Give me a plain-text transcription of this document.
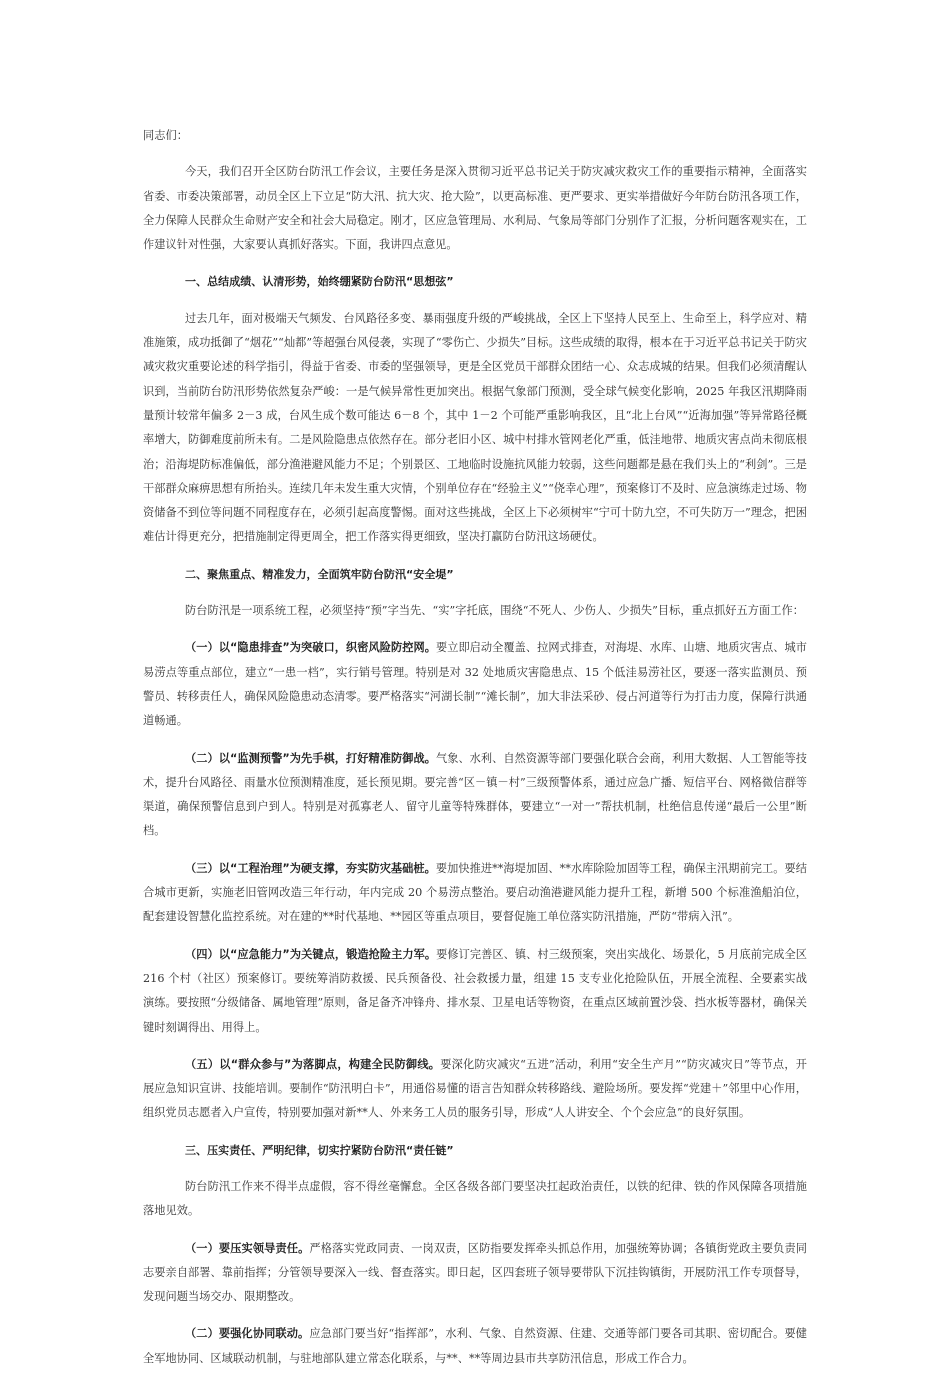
同志们：

今天，我们召开全区防台防汛工作会议，主要任务是深入贯彻习近平总书记关于防灾减灾救灾工作的重要指示精神，全面落实省委、市委决策部署，动员全区上下立足“防大汛、抗大灾、抢大险”，以更高标准、更严要求、更实举措做好今年防台防汛各项工作，全力保障人民群众生命财产安全和社会大局稳定。刚才，区应急管理局、水利局、气象局等部门分别作了汇报，分析问题客观实在，工作建议针对性强，大家要认真抓好落实。下面，我讲四点意见。

一、总结成绩、认清形势，始终绷紧防台防汛“思想弦”

过去几年，面对极端天气频发、台风路径多变、暴雨强度升级的严峻挑战，全区上下坚持人民至上、生命至上，科学应对、精准施策，成功抵御了“烟花”“灿都”等超强台风侵袭，实现了“零伤亡、少损失”目标。这些成绩的取得，根本在于习近平总书记关于防灾减灾救灾重要论述的科学指引，得益于省委、市委的坚强领导，更是全区党员干部群众团结一心、众志成城的结果。但我们必须清醒认识到，当前防台防汛形势依然复杂严峻：一是气候异常性更加突出。根据气象部门预测，受全球气候变化影响，2025 年我区汛期降雨量预计较常年偏多 2－3 成，台风生成个数可能达 6－8 个，其中 1－2 个可能严重影响我区，且“北上台风”“近海加强”等异常路径概率增大，防御难度前所未有。二是风险隐患点依然存在。部分老旧小区、城中村排水管网老化严重，低洼地带、地质灾害点尚未彻底根治；沿海堤防标准偏低，部分渔港避风能力不足；个别景区、工地临时设施抗风能力较弱，这些问题都是悬在我们头上的“利剑”。三是干部群众麻痹思想有所抬头。连续几年未发生重大灾情，个别单位存在“经验主义”“侥幸心理”，预案修订不及时、应急演练走过场、物资储备不到位等问题不同程度存在，必须引起高度警惕。面对这些挑战，全区上下必须树牢“宁可十防九空，不可失防万一”理念，把困难估计得更充分，把措施制定得更周全，把工作落实得更细致，坚决打赢防台防汛这场硬仗。

二、聚焦重点、精准发力，全面筑牢防台防汛“安全堤”

防台防汛是一项系统工程，必须坚持“预”字当先、“实”字托底，围绕“不死人、少伤人、少损失”目标，重点抓好五方面工作：

（一）以“隐患排查”为突破口，织密风险防控网。要立即启动全覆盖、拉网式排查，对海堤、水库、山塘、地质灾害点、城市易涝点等重点部位，建立“一患一档”，实行销号管理。特别是对 32 处地质灾害隐患点、15 个低洼易涝社区，要逐一落实监测员、预警员、转移责任人，确保风险隐患动态清零。要严格落实“河湖长制”“滩长制”，加大非法采砂、侵占河道等行为打击力度，保障行洪通道畅通。

（二）以“监测预警”为先手棋，打好精准防御战。气象、水利、自然资源等部门要强化联合会商，利用大数据、人工智能等技术，提升台风路径、雨量水位预测精准度，延长预见期。要完善“区－镇－村”三级预警体系，通过应急广播、短信平台、网格微信群等渠道，确保预警信息到户到人。特别是对孤寡老人、留守儿童等特殊群体，要建立“一对一”帮扶机制，杜绝信息传递“最后一公里”断档。

（三）以“工程治理”为硬支撑，夯实防灾基础桩。要加快推进**海堤加固、**水库除险加固等工程，确保主汛期前完工。要结合城市更新，实施老旧管网改造三年行动，年内完成 20 个易涝点整治。要启动渔港避风能力提升工程，新增 500 个标准渔船泊位，配套建设智慧化监控系统。对在建的**时代基地、**园区等重点项目，要督促施工单位落实防汛措施，严防“带病入汛”。

（四）以“应急能力”为关键点，锻造抢险主力军。要修订完善区、镇、村三级预案，突出实战化、场景化，5 月底前完成全区 216 个村（社区）预案修订。要统筹消防救援、民兵预备役、社会救援力量，组建 15 支专业化抢险队伍，开展全流程、全要素实战演练。要按照“分级储备、属地管理”原则，备足备齐冲锋舟、排水泵、卫星电话等物资，在重点区域前置沙袋、挡水板等器材，确保关键时刻调得出、用得上。

（五）以“群众参与”为落脚点，构建全民防御线。要深化防灾减灾“五进”活动，利用“安全生产月”“防灾减灾日”等节点，开展应急知识宣讲、技能培训。要制作“防汛明白卡”，用通俗易懂的语言告知群众转移路线、避险场所。要发挥“党建＋”邻里中心作用，组织党员志愿者入户宣传，特别要加强对新**人、外来务工人员的服务引导，形成“人人讲安全、个个会应急”的良好氛围。

三、压实责任、严明纪律，切实拧紧防台防汛“责任链”

防台防汛工作来不得半点虚假，容不得丝毫懈怠。全区各级各部门要坚决扛起政治责任，以铁的纪律、铁的作风保障各项措施落地见效。

（一）要压实领导责任。严格落实党政同责、一岗双责，区防指要发挥牵头抓总作用，加强统筹协调；各镇街党政主要负责同志要亲自部署、靠前指挥；分管领导要深入一线、督查落实。即日起，区四套班子领导要带队下沉挂钩镇街，开展防汛工作专项督导，发现问题当场交办、限期整改。

（二）要强化协同联动。应急部门要当好“指挥部”，水利、气象、自然资源、住建、交通等部门要各司其职、密切配合。要健全军地协同、区域联动机制，与驻地部队建立常态化联系，与**、**等周边县市共享防汛信息，形成工作合力。
